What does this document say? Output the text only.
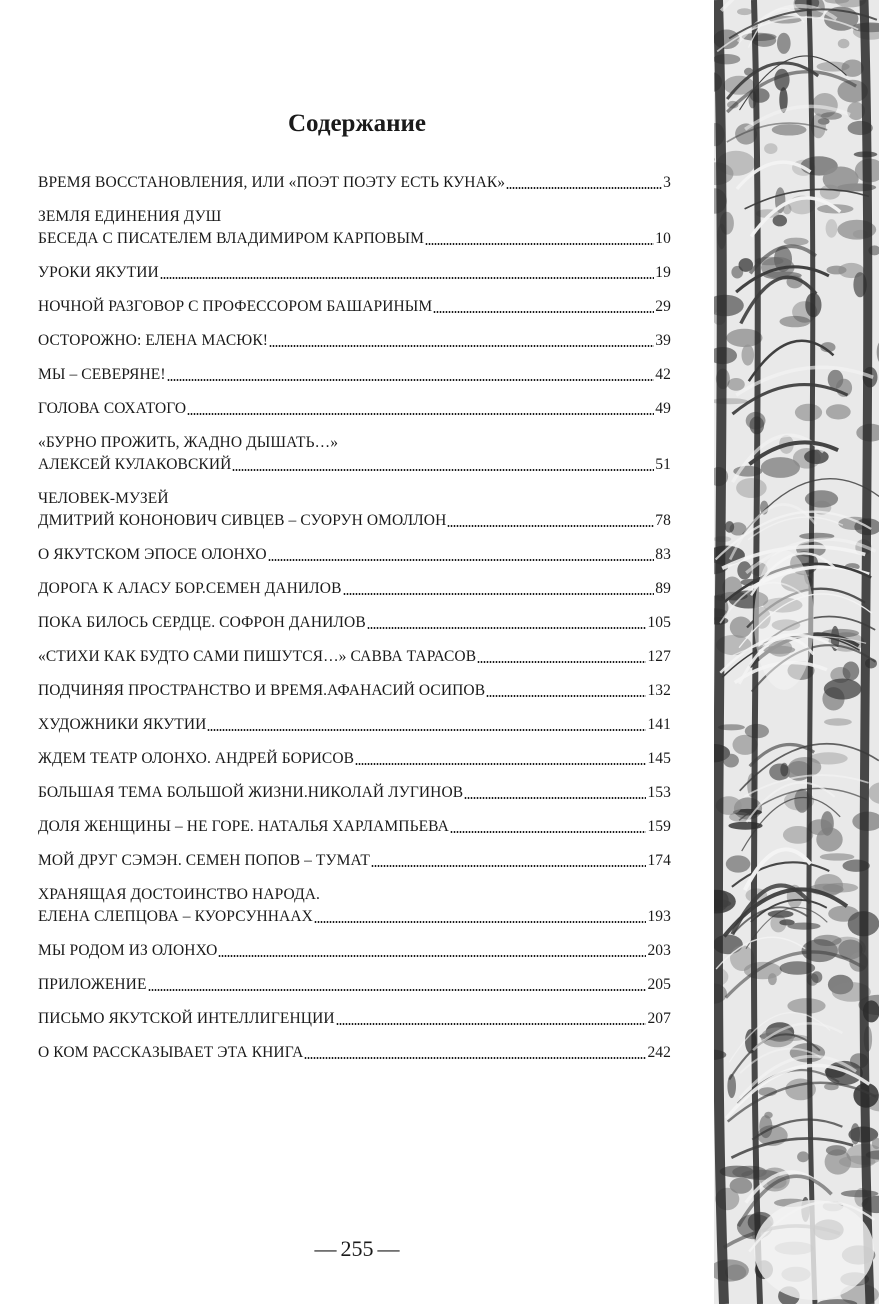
Содержание
ВРЕМЯ ВОССТАНОВЛЕНИЯ, ИЛИ «ПОЭТ ПОЭТУ ЕСТЬ КУНАК»	3
ЗЕМЛЯ ЕДИНЕНИЯ ДУШ
БЕСЕДА С ПИСАТЕЛЕМ ВЛАДИМИРОМ КАРПОВЫМ	10
УРОКИ ЯКУТИИ	19
НОЧНОЙ РАЗГОВОР С ПРОФЕССОРОМ БАШАРИНЫМ	29
ОСТОРОЖНО: ЕЛЕНА МАСЮК!	39
МЫ – СЕВЕРЯНЕ!	42
ГОЛОВА СОХАТОГО	49
«БУРНО ПРОЖИТЬ, ЖАДНО ДЫШАТЬ…»
АЛЕКСЕЙ КУЛАКОВСКИЙ	51
ЧЕЛОВЕК-МУЗЕЙ
ДМИТРИЙ КОНОНОВИЧ СИВЦЕВ – СУОРУН ОМОЛЛОН	78
О ЯКУТСКОМ ЭПОСЕ ОЛОНХО	83
ДОРОГА К АЛАСУ БОР.СЕМЕН ДАНИЛОВ	89
ПОКА БИЛОСЬ СЕРДЦЕ. СОФРОН ДАНИЛОВ	105
«СТИХИ КАК БУДТО САМИ ПИШУТСЯ…» САВВА ТАРАСОВ	127
ПОДЧИНЯЯ ПРОСТРАНСТВО И ВРЕМЯ.АФАНАСИЙ ОСИПОВ	132
ХУДОЖНИКИ ЯКУТИИ	141
ЖДЕМ ТЕАТР ОЛОНХО. АНДРЕЙ БОРИСОВ	145
БОЛЬШАЯ ТЕМА БОЛЬШОЙ ЖИЗНИ.НИКОЛАЙ ЛУГИНОВ	153
ДОЛЯ ЖЕНЩИНЫ – НЕ ГОРЕ. НАТАЛЬЯ ХАРЛАМПЬЕВА	159
МОЙ ДРУГ СЭМЭН. СЕМЕН ПОПОВ – ТУМАТ	174
ХРАНЯЩАЯ ДОСТОИНСТВО НАРОДА.
ЕЛЕНА СЛЕПЦОВА – КУОРСУННААХ	193
МЫ РОДОМ ИЗ ОЛОНХО	203
ПРИЛОЖЕНИЕ	205
ПИСЬМО ЯКУТСКОЙ ИНТЕЛЛИГЕНЦИИ	207
О КОМ РАССКАЗЫВАЕТ ЭТА КНИГА	242
— 255 —
